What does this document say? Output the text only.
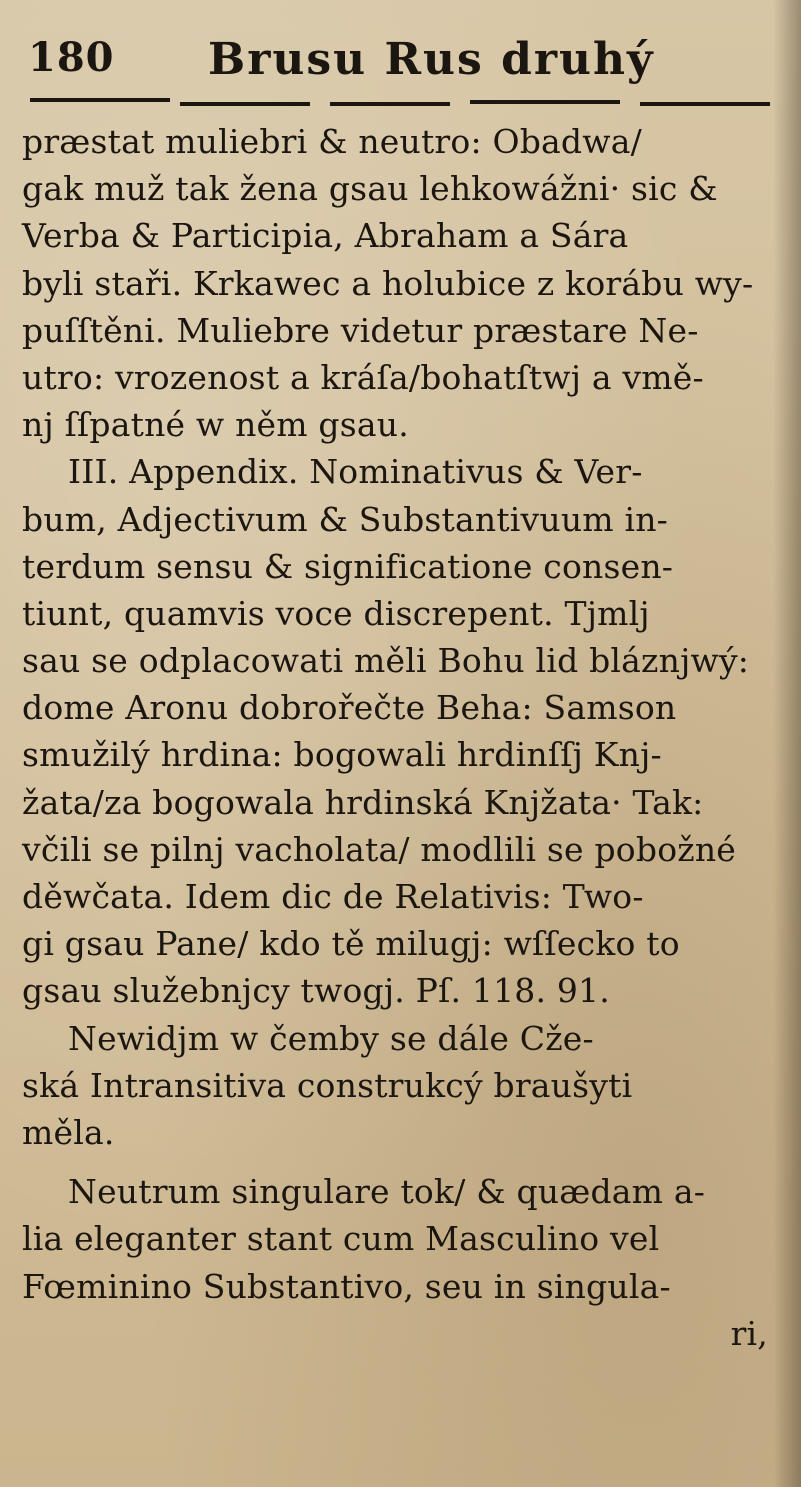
180 Brusu Rus druhý
præstat muliebri & neutro: Obadwa/
gak muž tak žena gsau lehkowážni· sic &
Verba & Participia, Abraham a Sára
byli staři. Krkawec a holubice z korábu wy-
puſſtěni. Muliebre videtur præstare Ne-
utro: vrozenost a kráſa/bohatſtwj a vmě-
nj ſſpatné w něm gsau.
III. Appendix. Nominativus & Ver-
bum, Adjectivum & Substantivuum in-
terdum sensu & significatione consen-
tiunt, quamvis voce discrepent. Tjmlj
sau se odplacowati měli Bohu lid bláznjwý:
dome Aronu dobrořečte Beha: Samson
smužilý hrdina: bogowali hrdinſſj Knj-
žata/za bogowala hrdinská Knjžata· Tak:
včili se pilnj vacholata/ modlili se pobožné
děwčata. Idem dic de Relativis: Two-
gi gsau Pane/ kdo tě milugj: wſſecko to
gsau služebnjcy twogj. Pſ. 118. 91.
Newidjm w čemby se dále Cže-
ská Intransitiva construkcý braušyti
měla.
Neutrum singulare tok/ & quædam a-
lia eleganter stant cum Masculino vel
Fœminino Substantivo, seu in singula-
ri,
